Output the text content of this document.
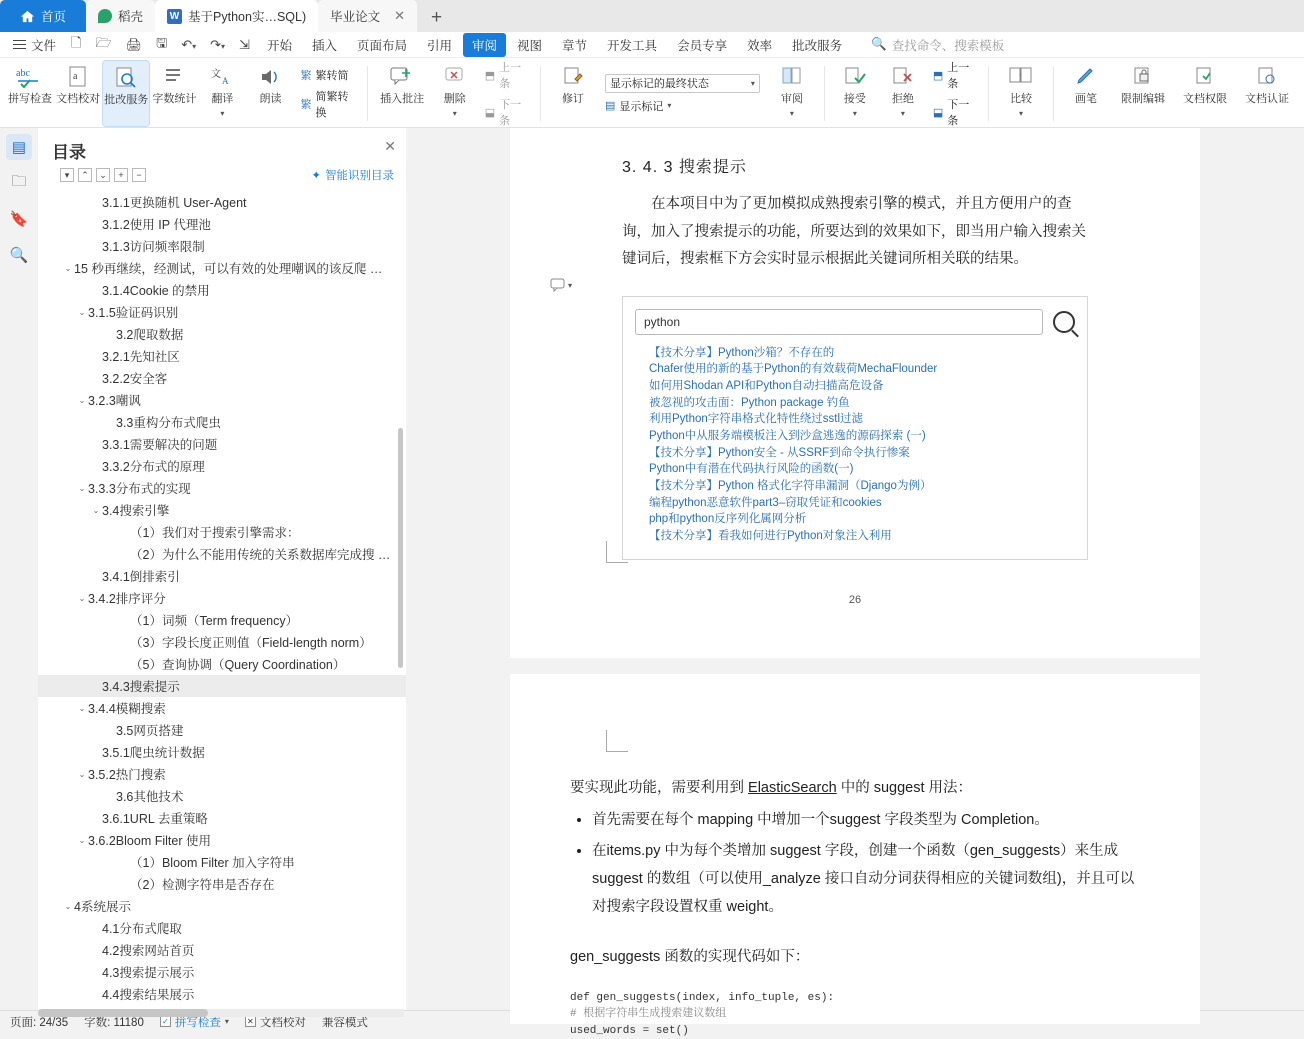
首页	稻壳 W	基于Python实…SQL) 毕业论文 ✕	+
文件	🗋	🗁	🖨	🖫	↶▾	↷▾	⇲	开始	插入	页面布局	引用	审阅	视图	章节	开发工具	会员专享	效率	批改服务	🔍 查找命令、搜索模板
abc
拼写检查
a
文档校对 批改服务 字数统计
文
A
翻译
▾
朗读
繁 繁转简
繁
简繁转换
插入批注 删除
▾
⬒
上一条
⬓
下一条
修订
显示标记的最终状态	▾
▤ 显示标记 ▾
审阅
▾
接受
▾
拒绝
▾
⬒
上一条
⬓
下一条
比较
▾
画笔 限制编辑 文档权限 文档认证
▤
🗀
🔖
🔍
目录	✕
▾	⌃	⌄	+	−	✦ 智能识别目录
3.1.1更换随机 User-Agent
3.1.2使用 IP 代理池
3.1.3访问频率限制
⌄ 15 秒再继续，经测试，可以有效的处理嘲讽的该反爬 …
3.1.4Cookie 的禁用
⌄ 3.1.5验证码识别
3.2爬取数据
3.2.1先知社区
3.2.2安全客
⌄ 3.2.3嘲讽
3.3重构分布式爬虫
3.3.1需要解决的问题
3.3.2分布式的原理
⌄ 3.3.3分布式的实现
⌄ 3.4搜索引擎
（1）我们对于搜索引擎需求：
（2）为什么不能用传统的关系数据库完成搜 …
3.4.1倒排索引
⌄ 3.4.2排序评分
（1）词频（Term frequency）
（3）字段长度正则值（Field-length norm）
（5）查询协调（Query Coordination）
3.4.3搜索提示
⌄ 3.4.4模糊搜索
3.5网页搭建
3.5.1爬虫统计数据
⌄ 3.5.2热门搜索
3.6其他技术
3.6.1URL 去重策略
⌄ 3.6.2Bloom Filter 使用
（1）Bloom Filter 加入字符串
（2）检测字符串是否存在
⌄ 4系统展示
4.1分布式爬取
4.2搜索网站首页
4.3搜索提示展示
4.4搜索结果展示
▾
3. 4. 3 搜索提示
在本项目中为了更加模拟成熟搜索引擎的模式，并且方便用户的查询，加入了搜索提示的功能，所要达到的效果如下，即当用户输入搜索关键词后，搜索框下方会实时显示根据此关键词所相关联的结果。
python
【技术分享】Python沙箱？不存在的
Chafer使用的新的基于Python的有效载荷MechaFlounder
如何用Shodan API和Python自动扫描高危设备
被忽视的攻击面：Python package 钓鱼
利用Python字符串格式化特性绕过sstl过滤
Python中从服务端模板注入到沙盒逃逸的源码探索 (一)
【技术分享】Python安全 - 从SSRF到命令执行惨案
Python中有潜在代码执行风险的函数(一)
【技术分享】Python 格式化字符串漏洞（Django为例）
编程python恶意软件part3–窃取凭证和cookies
php和python反序列化属网分析
【技术分享】看我如何进行Python对象注入利用
26
要实现此功能，需要利用到 ElasticSearch 中的 suggest 用法：
• 首先需要在每个 mapping 中增加一个suggest 字段类型为 Completion。
• 在items.py 中为每个类增加 suggest 字段，创建一个函数（gen_suggests）来生成 suggest 的数组（可以使用_analyze 接口自动分词获得相应的关键词数组)，并且可以对搜索字段设置权重 weight。
gen_suggests 函数的实现代码如下：
def gen_suggests(index, info_tuple, es):
# 根据字符串生成搜索建议数组
used_words = set()
页面: 24/35 字数: 11180 ✓ 拼写检查 ▾ ✕ 文档校对 兼容模式
